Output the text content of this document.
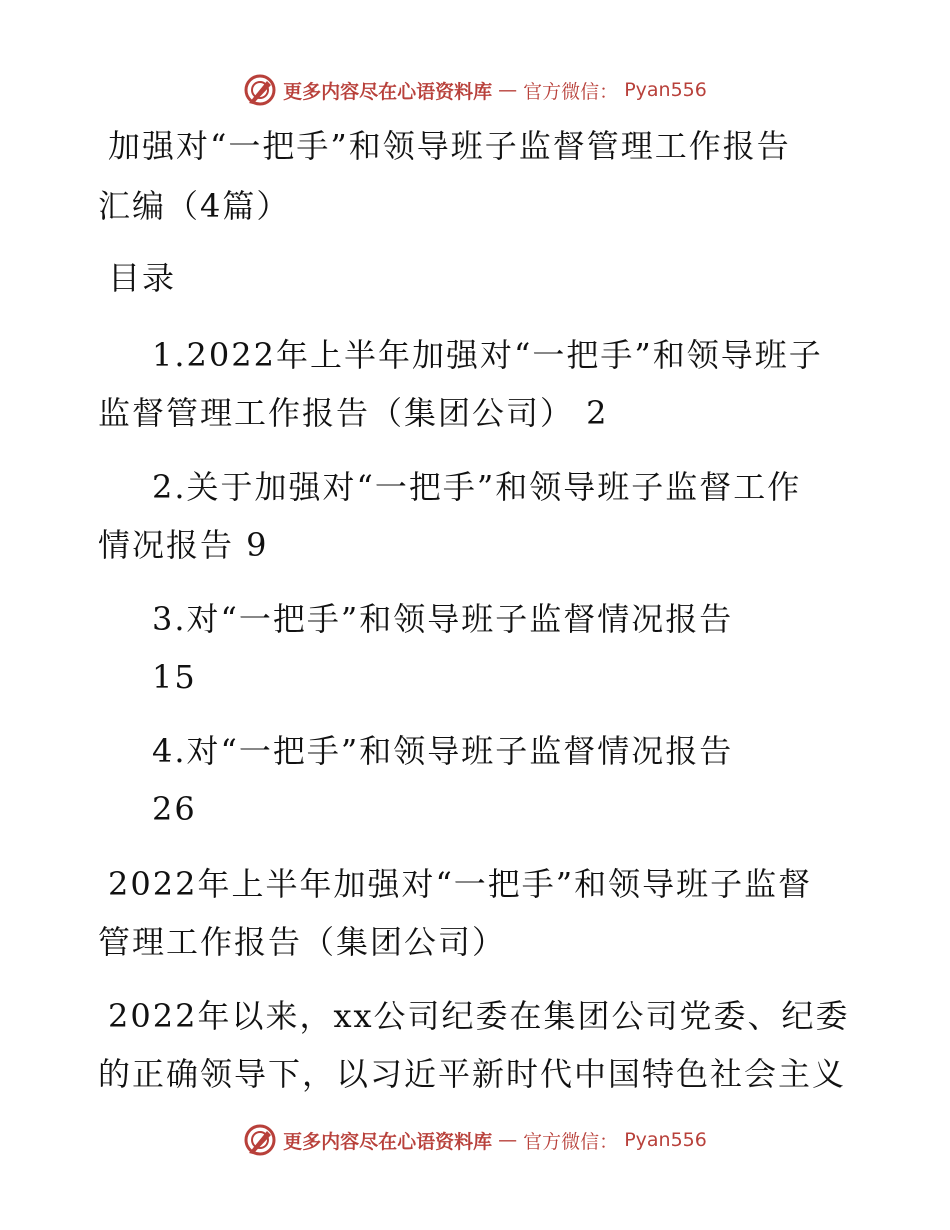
更多内容尽在心语资料库 — 官方微信： Pyan556
加强对“一把手”和领导班子监督管理工作报告
汇编（4篇）
目录
1.2022年上半年加强对“一把手”和领导班子
监督管理工作报告（集团公司） 2
2.关于加强对“一把手”和领导班子监督工作
情况报告 9
3.对“一把手”和领导班子监督情况报告
15
4.对“一把手”和领导班子监督情况报告
26
2022年上半年加强对“一把手”和领导班子监督
管理工作报告（集团公司）
2022年以来，xx公司纪委在集团公司党委、纪委
的正确领导下，以习近平新时代中国特色社会主义
更多内容尽在心语资料库 — 官方微信： Pyan556
